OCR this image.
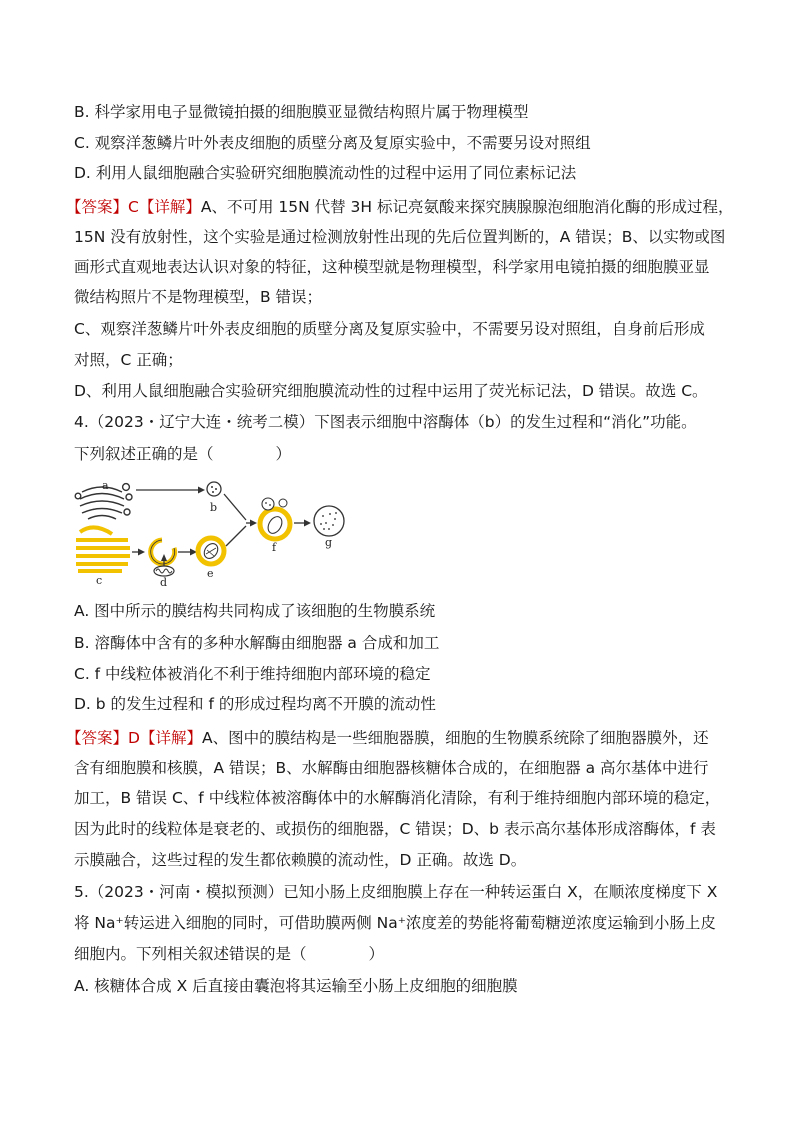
B. 科学家用电子显微镜拍摄的细胞膜亚显微结构照片属于物理模型
C. 观察洋葱鳞片叶外表皮细胞的质壁分离及复原实验中，不需要另设对照组
D. 利用人鼠细胞融合实验研究细胞膜流动性的过程中运用了同位素标记法
【答案】C【详解】A、不可用 15N 代替 3H 标记亮氨酸来探究胰腺腺泡细胞消化酶的形成过程，
15N 没有放射性，这个实验是通过检测放射性出现的先后位置判断的，A 错误；B、以实物或图
画形式直观地表达认识对象的特征，这种模型就是物理模型，科学家用电镜拍摄的细胞膜亚显
微结构照片不是物理模型，B 错误；
C、观察洋葱鳞片叶外表皮细胞的质壁分离及复原实验中，不需要另设对照组，自身前后形成
对照，C 正确；
D、利用人鼠细胞融合实验研究细胞膜流动性的过程中运用了荧光标记法，D 错误。故选 C。
4.（2023・辽宁大连・统考二模）下图表示细胞中溶酶体（b）的发生过程和“消化”功能。
下列叙述正确的是（　　　　）
a
b
c	d
e
f	g
A. 图中所示的膜结构共同构成了该细胞的生物膜系统
B. 溶酶体中含有的多种水解酶由细胞器 a 合成和加工
C. f 中线粒体被消化不利于维持细胞内部环境的稳定
D. b 的发生过程和 f 的形成过程均离不开膜的流动性
【答案】D【详解】A、图中的膜结构是一些细胞器膜，细胞的生物膜系统除了细胞器膜外，还
含有细胞膜和核膜，A 错误；B、水解酶由细胞器核糖体合成的，在细胞器 a 高尔基体中进行
加工，B 错误 C、f 中线粒体被溶酶体中的水解酶消化清除，有利于维持细胞内部环境的稳定，
因为此时的线粒体是衰老的、或损伤的细胞器，C 错误；D、b 表示高尔基体形成溶酶体，f 表
示膜融合，这些过程的发生都依赖膜的流动性，D 正确。故选 D。
5.（2023・河南・模拟预测）已知小肠上皮细胞膜上存在一种转运蛋白 X，在顺浓度梯度下 X
将 Na⁺转运进入细胞的同时，可借助膜两侧 Na⁺浓度差的势能将葡萄糖逆浓度运输到小肠上皮
细胞内。下列相关叙述错误的是（　　　　）
A. 核糖体合成 X 后直接由囊泡将其运输至小肠上皮细胞的细胞膜
